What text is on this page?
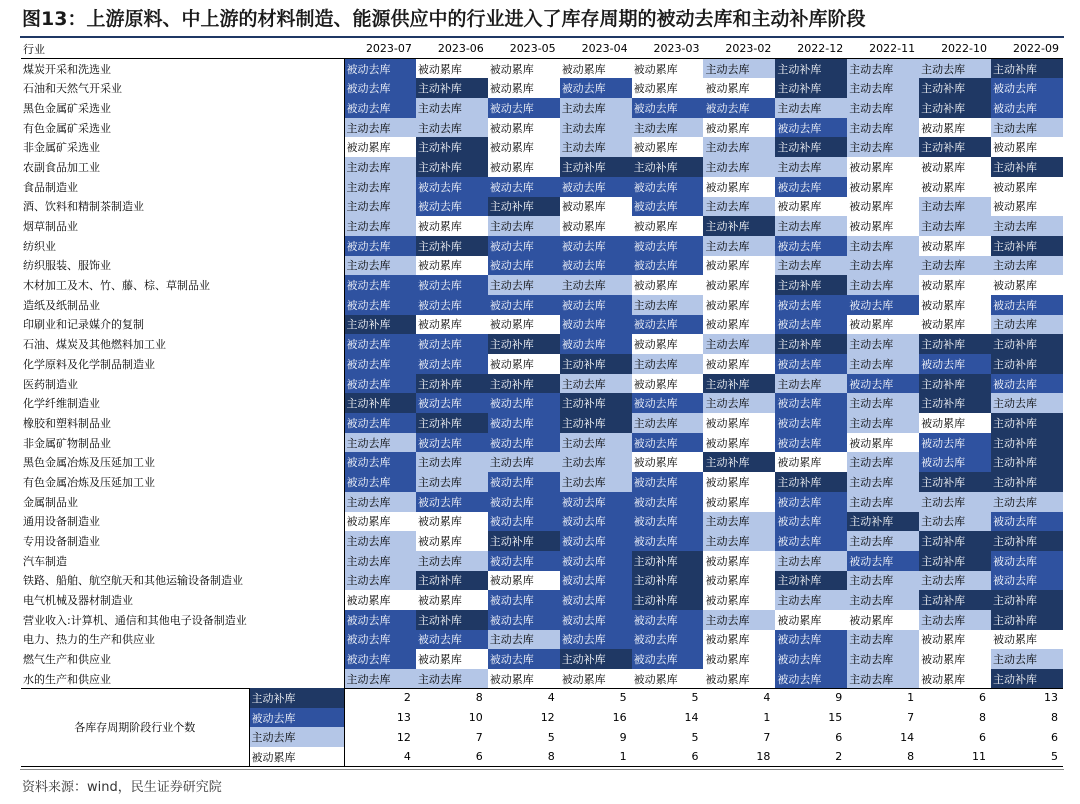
图13：上游原料、中上游的材料制造、能源供应中的行业进入了库存周期的被动去库和主动补库阶段
行业	2023-07	2023-06	2023-05	2023-04	2023-03	2023-02	2022-12	2022-11	2022-10	2022-09
煤炭开采和洗选业	被动去库	被动累库	被动累库	被动累库	被动累库	主动去库	主动补库	主动去库	主动去库	主动补库
石油和天然气开采业	被动去库	主动补库	被动累库	被动去库	被动累库	被动累库	主动补库	主动去库	主动补库	被动去库
黑色金属矿采选业	被动去库	主动去库	被动去库	主动去库	被动去库	被动去库	主动去库	主动去库	主动补库	被动去库
有色金属矿采选业	主动去库	主动去库	被动累库	主动去库	主动去库	被动累库	被动去库	主动去库	被动累库	主动去库
非金属矿采选业	被动累库	主动补库	被动累库	主动去库	被动累库	主动去库	主动补库	主动去库	主动补库	被动累库
农副食品加工业	主动去库	主动补库	被动累库	主动补库	主动补库	主动去库	主动去库	被动累库	被动累库	主动补库
食品制造业	主动去库	被动去库	被动去库	被动去库	被动去库	被动累库	被动去库	被动累库	被动累库	被动累库
酒、饮料和精制茶制造业	主动去库	被动去库	主动补库	被动累库	被动去库	主动去库	被动累库	被动累库	主动去库	被动累库
烟草制品业	主动去库	被动累库	主动去库	被动累库	被动累库	主动补库	主动去库	被动累库	主动去库	主动去库
纺织业	被动去库	主动补库	被动去库	被动去库	被动去库	主动去库	被动去库	主动去库	被动累库	主动补库
纺织服装、服饰业	主动去库	被动累库	被动去库	被动去库	被动去库	被动累库	主动去库	主动去库	主动去库	主动去库
木材加工及木、竹、藤、棕、草制品业	被动去库	被动去库	主动去库	主动去库	被动累库	被动累库	主动补库	主动去库	被动累库	被动累库
造纸及纸制品业	被动去库	被动去库	被动去库	被动去库	主动去库	被动累库	被动去库	被动去库	被动累库	被动去库
印刷业和记录媒介的复制	主动补库	被动累库	被动累库	被动去库	被动去库	被动累库	被动去库	被动累库	被动累库	主动去库
石油、煤炭及其他燃料加工业	被动去库	被动去库	主动补库	被动去库	被动累库	主动去库	主动补库	主动去库	主动补库	主动补库
化学原料及化学制品制造业	被动去库	被动去库	被动累库	主动补库	主动去库	被动累库	被动去库	主动去库	被动去库	主动补库
医药制造业	被动去库	主动补库	主动补库	主动去库	被动累库	主动补库	主动去库	被动去库	主动补库	被动去库
化学纤维制造业	主动补库	被动去库	被动去库	主动补库	被动去库	主动去库	被动去库	主动去库	主动补库	主动去库
橡胶和塑料制品业	被动去库	主动补库	被动去库	主动补库	主动去库	被动累库	被动去库	主动去库	被动累库	主动补库
非金属矿物制品业	主动去库	被动去库	被动去库	主动去库	被动去库	被动累库	被动去库	被动累库	被动去库	主动补库
黑色金属冶炼及压延加工业	被动去库	主动去库	主动去库	主动去库	被动累库	主动补库	被动累库	主动去库	被动去库	主动补库
有色金属冶炼及压延加工业	被动去库	主动去库	被动去库	主动去库	被动去库	被动累库	主动补库	主动去库	主动补库	主动补库
金属制品业	主动去库	被动去库	被动去库	被动去库	被动去库	被动累库	被动去库	主动去库	主动去库	主动去库
通用设备制造业	被动累库	被动累库	被动去库	被动去库	被动去库	主动去库	被动去库	主动补库	主动去库	被动去库
专用设备制造业	主动去库	被动累库	主动补库	被动去库	被动去库	主动去库	被动去库	主动去库	主动补库	主动补库
汽车制造	主动去库	主动去库	被动去库	被动去库	主动补库	被动累库	主动去库	被动去库	主动补库	被动去库
铁路、船舶、航空航天和其他运输设备制造业	主动去库	主动补库	被动累库	被动去库	主动补库	被动累库	主动补库	主动去库	主动去库	被动去库
电气机械及器材制造业	被动累库	被动累库	被动去库	被动去库	主动补库	被动累库	主动去库	主动去库	主动补库	主动补库
营业收入:计算机、通信和其他电子设备制造业	被动去库	主动补库	被动去库	被动去库	被动去库	主动去库	被动累库	被动累库	主动去库	主动补库
电力、热力的生产和供应业	被动去库	被动去库	主动去库	被动去库	被动去库	被动累库	被动去库	主动去库	被动累库	被动累库
燃气生产和供应业	被动去库	被动累库	被动去库	主动补库	被动去库	被动累库	被动去库	主动去库	被动累库	主动去库
水的生产和供应业	主动去库	主动去库	被动累库	被动累库	被动累库	被动累库	被动去库	主动去库	被动累库	主动补库
各库存周期阶段行业个数	主动补库	2	8	4	5	5	4	9	1	6	13
	被动去库	13	10	12	16	14	1	15	7	8	8
	主动去库	12	7	5	9	5	7	6	14	6	6
	被动累库	4	6	8	1	6	18	2	8	11	5
资料来源：wind，民生证券研究院
